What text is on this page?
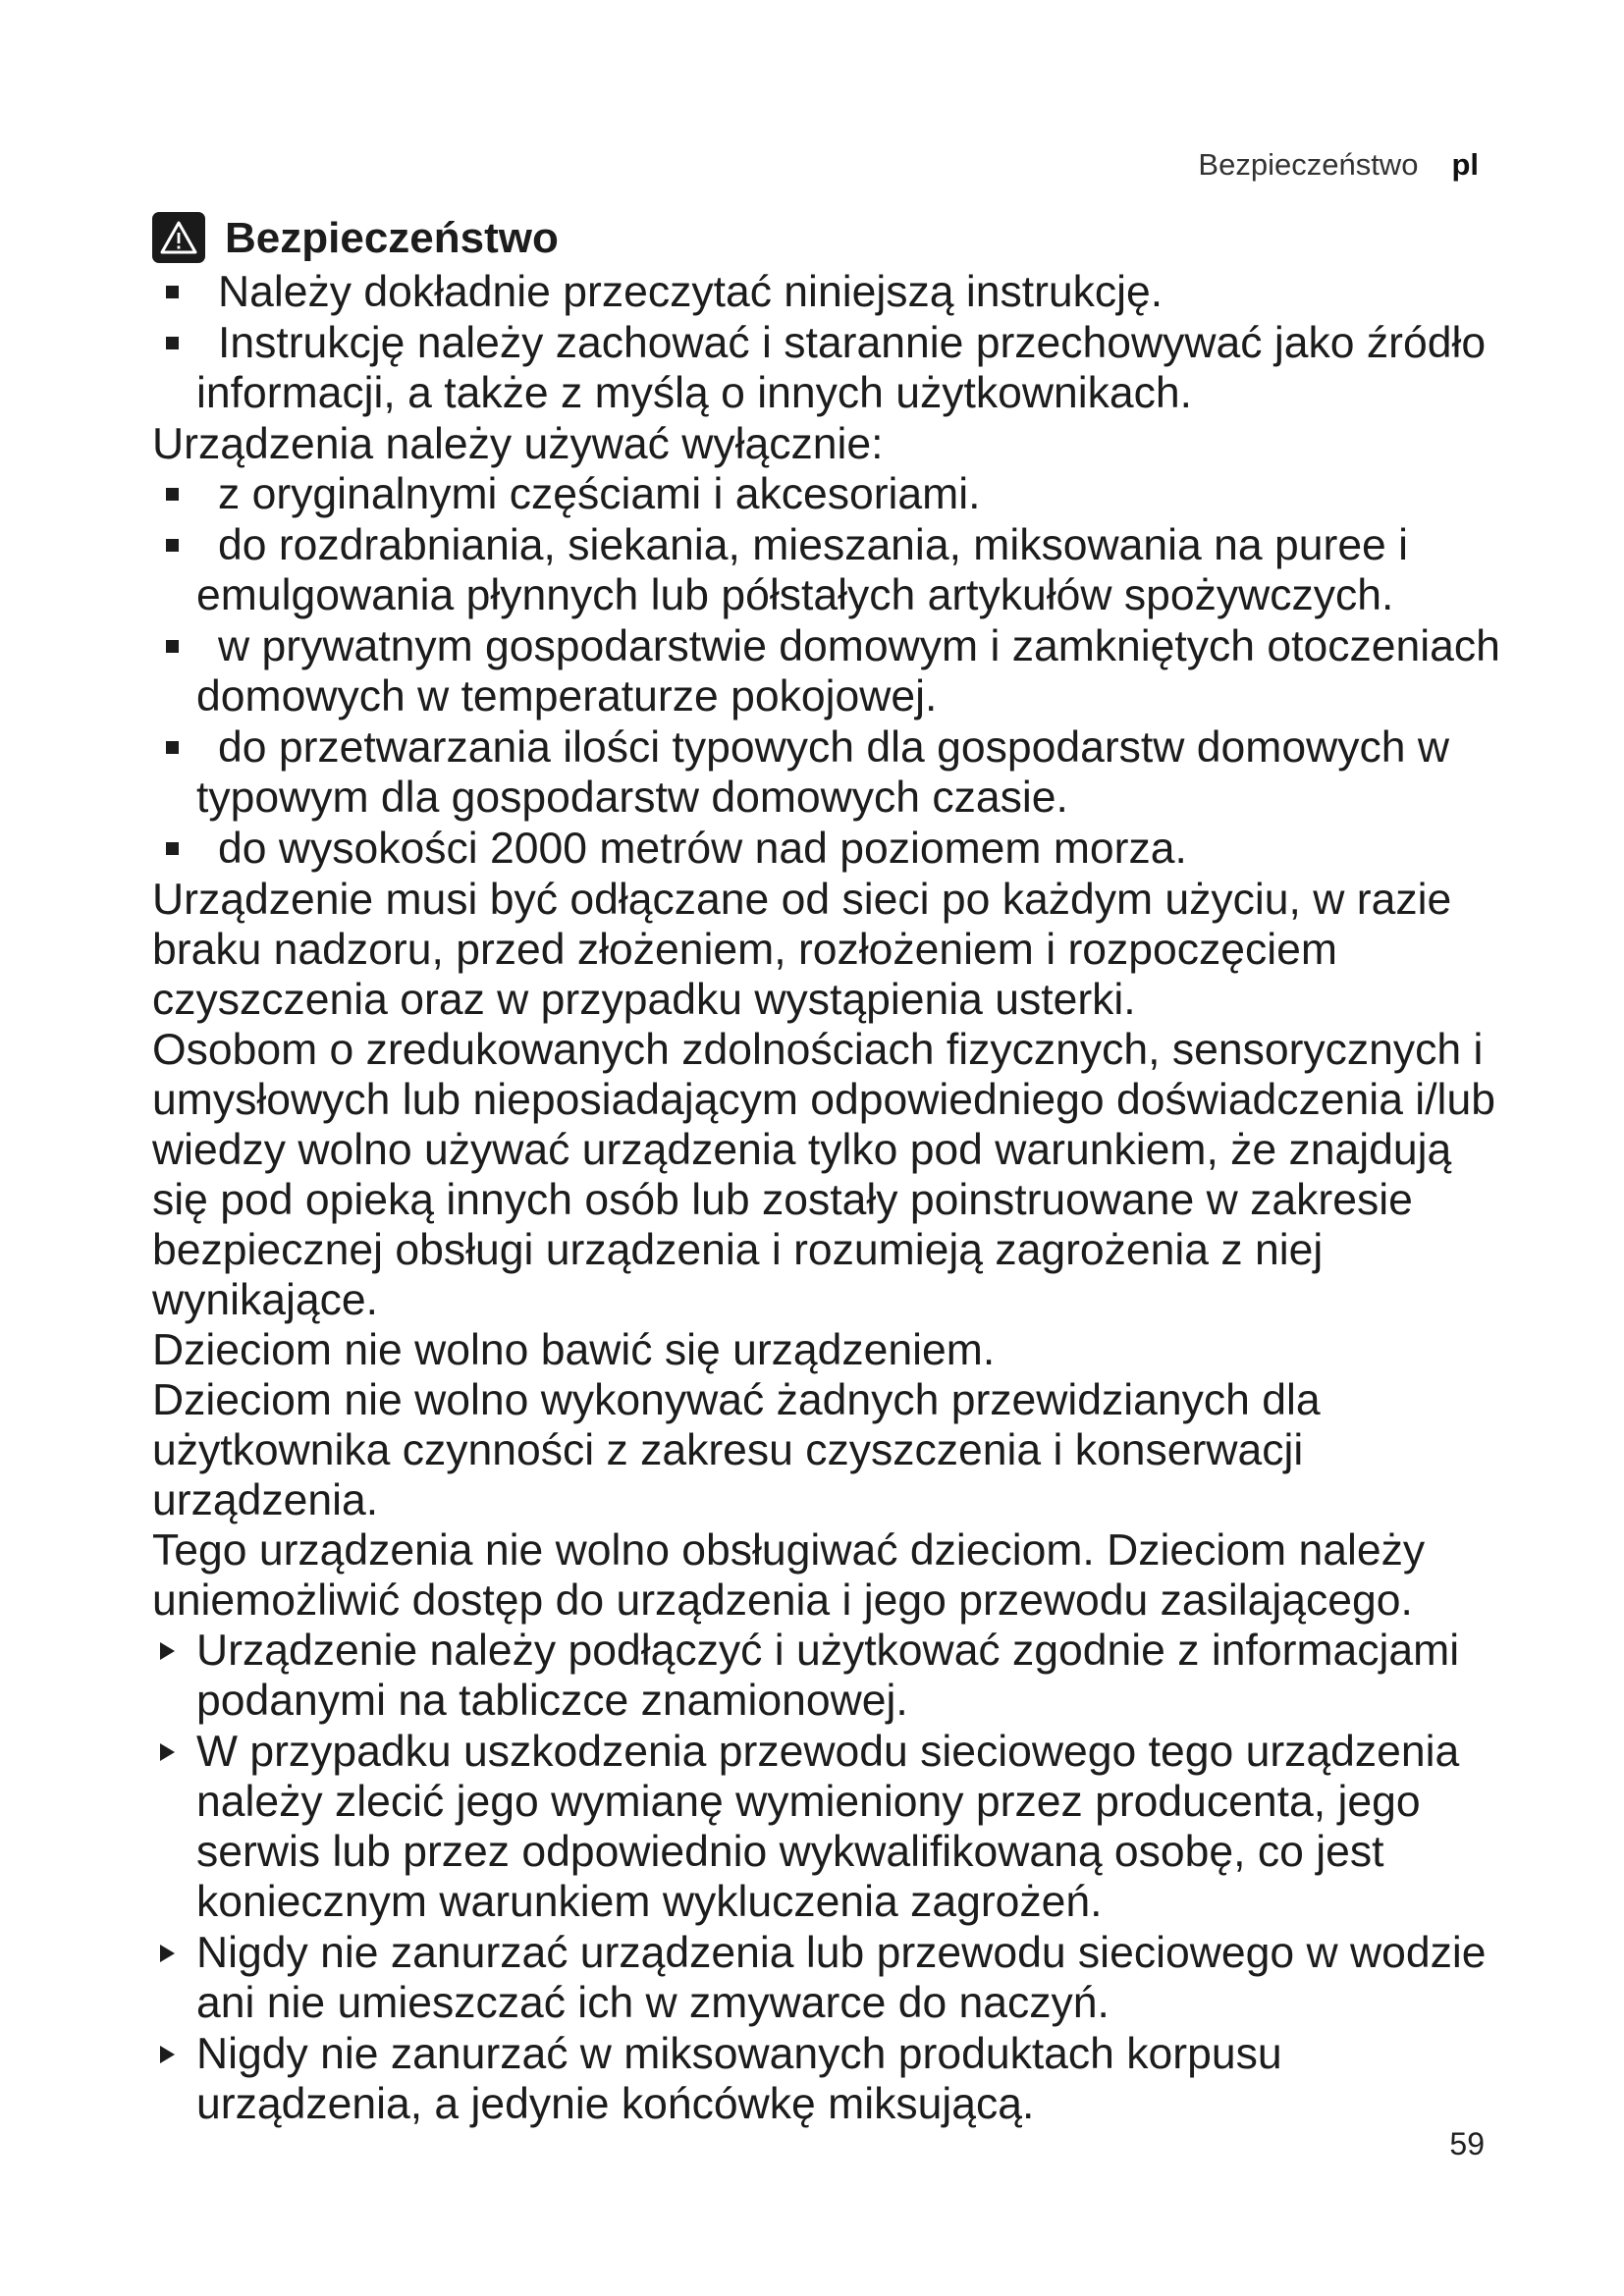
Bezpieczeństwo pl
Bezpieczeństwo
Należy dokładnie przeczytać niniejszą instrukcję.
Instrukcję należy zachować i starannie przechowywać jako źródło informacji, a także z myślą o innych użytkownikach.

Urządzenia należy używać wyłącznie:

z oryginalnymi częściami i akcesoriami.
do rozdrabniania, siekania, mieszania, miksowania na puree i emulgowania płynnych lub półstałych artykułów spożywczych.
w prywatnym gospodarstwie domowym i zamkniętych otoczeniach domowych w temperaturze pokojowej.
do przetwarzania ilości typowych dla gospodarstw domowych w typowym dla gospodarstw domowych czasie.
do wysokości 2000 metrów nad poziomem morza.

Urządzenie musi być odłączane od sieci po każdym użyciu, w razie braku nadzoru, przed złożeniem, rozłożeniem i rozpoczęciem czyszczenia oraz w przypadku wystąpienia usterki.

Osobom o zredukowanych zdolnościach fizycznych, sensorycznych i umysłowych lub nieposiadającym odpowiedniego doświadczenia i/lub wiedzy wolno używać urządzenia tylko pod warunkiem, że znajdują się pod opieką innych osób lub zostały poinstruowane w zakresie bezpiecznej obsługi urządzenia i rozumieją zagrożenia z niej wynikające.

Dzieciom nie wolno bawić się urządzeniem.

Dzieciom nie wolno wykonywać żadnych przewidzianych dla użytkownika czynności z zakresu czyszczenia i konserwacji urządzenia.

Tego urządzenia nie wolno obsługiwać dzieciom. Dzieciom należy uniemożliwić dostęp do urządzenia i jego przewodu zasilającego.

Urządzenie należy podłączyć i użytkować zgodnie z informacjami podanymi na tabliczce znamionowej.
W przypadku uszkodzenia przewodu sieciowego tego urządzenia należy zlecić jego wymianę wymieniony przez producenta, jego serwis lub przez odpowiednio wykwalifikowaną osobę, co jest koniecznym warunkiem wykluczenia zagrożeń.
Nigdy nie zanurzać urządzenia lub przewodu sieciowego w wodzie ani nie umieszczać ich w zmywarce do naczyń.
Nigdy nie zanurzać w miksowanych produktach korpusu urządzenia, a jedynie końcówkę miksującą.
59
